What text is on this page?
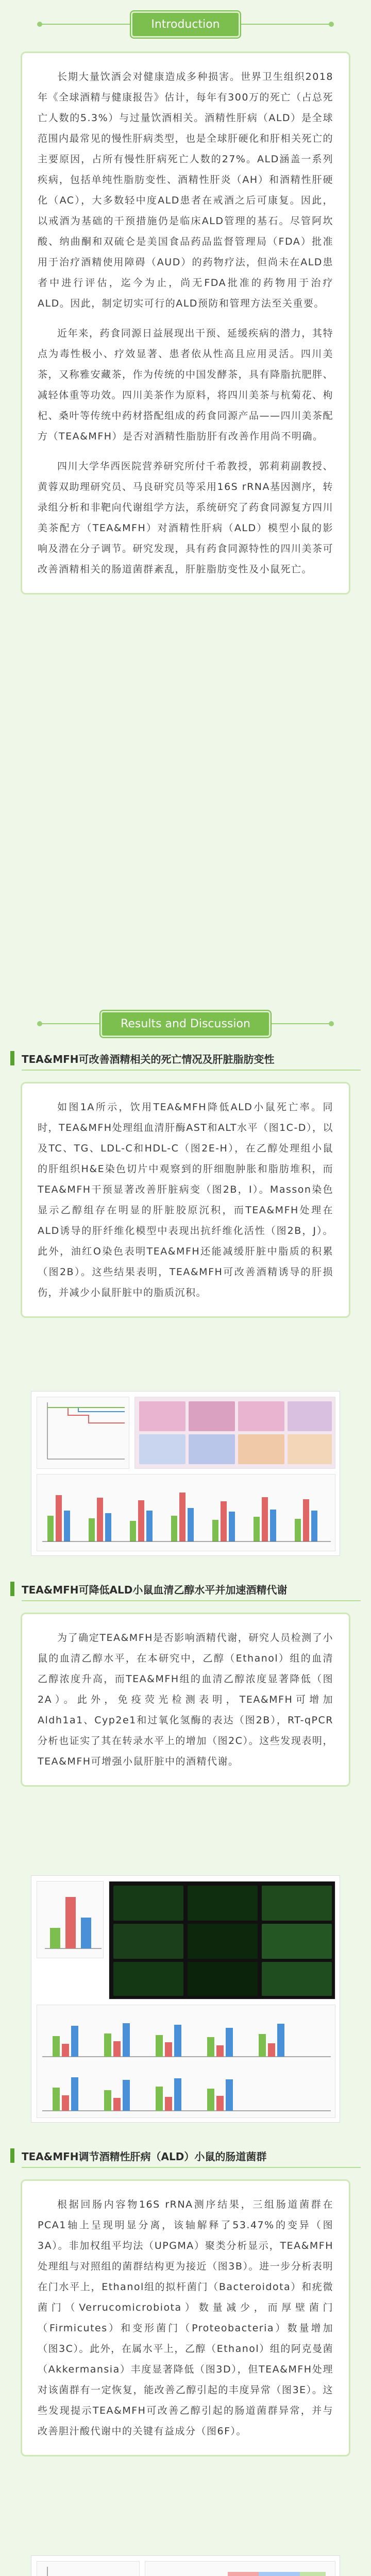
Introduction

长期大量饮酒会对健康造成多种损害。世界卫生组织2018年《全球酒精与健康报告》估计，每年有300万的死亡（占总死亡人数的5.3%）与过量饮酒相关。酒精性肝病（ALD）是全球范围内最常见的慢性肝病类型，也是全球肝硬化和肝相关死亡的主要原因，占所有慢性肝病死亡人数的27%。ALD涵盖一系列疾病，包括单纯性脂肪变性、酒精性肝炎（AH）和酒精性肝硬化（AC），大多数轻中度ALD患者在戒酒之后可康复。因此，以戒酒为基础的干预措施仍是临床ALD管理的基石。尽管阿坎酸、纳曲酮和双硫仑是美国食品药品监督管理局（FDA）批准用于治疗酒精使用障碍（AUD）的药物疗法，但尚未在ALD患者中进行评估，迄今为止，尚无FDA批准的药物用于治疗ALD。因此，制定切实可行的ALD预防和管理方法至关重要。

近年来，药食同源日益展现出干预、延缓疾病的潜力，其特点为毒性极小、疗效显著、患者依从性高且应用灵活。四川美茶，又称雅安藏茶，作为传统的中国发酵茶，具有降脂抗肥胖、减轻体重等功效。四川美茶作为原料，将四川美茶与杭菊花、枸杞、桑叶等传统中药材搭配组成的药食同源产品——四川美茶配方（TEA&MFH）是否对酒精性脂肪肝有改善作用尚不明确。

四川大学华西医院营养研究所付千希教授，郭莉莉副教授、黄蓉双助理研究员、马良研究员等采用16S rRNA基因测序，转录组分析和非靶向代谢组学方法，系统研究了药食同源复方四川美茶配方（TEA&MFH）对酒精性肝病（ALD）模型小鼠的影响及潜在分子调节。研究发现，具有药食同源特性的四川美茶可改善酒精相关的肠道菌群紊乱，肝脏脂肪变性及小鼠死亡。

Results and Discussion
TEA&MFH可改善酒精相关的死亡情况及肝脏脂肪变性

如图1A所示，饮用TEA&MFH降低ALD小鼠死亡率。同时，TEA&MFH处理组血清肝酶AST和ALT水平（图1C-D），以及TC、TG、LDL-C和HDL-C（图2E-H），在乙醇处理组小鼠的肝组织H&E染色切片中观察到的肝细胞肿胀和脂肪堆积，而TEA&MFH干预显著改善肝脏病变（图2B，I）。Masson染色显示乙醇组存在明显的肝脏胶原沉积，而TEA&MFH处理在ALD诱导的肝纤维化模型中表现出抗纤维化活性（图2B，J）。此外，油红O染色表明TEA&MFH还能减缓肝脏中脂质的积累（图2B）。这些结果表明，TEA&MFH可改善酒精诱导的肝损伤，并减少小鼠肝脏中的脂质沉积。

TEA&MFH可降低ALD小鼠血清乙醇水平并加速酒精代谢

为了确定TEA&MFH是否影响酒精代谢，研究人员检测了小鼠的血清乙醇水平，在本研究中，乙醇（Ethanol）组的血清乙醇浓度升高，而TEA&MFH组的血清乙醇浓度显著降低（图2A）。此外，免疫荧光检测表明，TEA&MFH可增加Aldh1a1、Cyp2e1和过氧化氢酶的表达（图2B），RT-qPCR分析也证实了其在转录水平上的增加（图2C）。这些发现表明，TEA&MFH可增强小鼠肝脏中的酒精代谢。

TEA&MFH调节酒精性肝病（ALD）小鼠的肠道菌群

根据回肠内容物16S rRNA测序结果，三组肠道菌群在PCA1轴上呈现明显分离，该轴解释了53.47%的变异（图3A）。非加权组平均法（UPGMA）聚类分析显示，TEA&MFH处理组与对照组的菌群结构更为接近（图3B）。进一步分析表明在门水平上，Ethanol组的拟杆菌门（Bacteroidota）和疣微菌门（Verrucomicrobiota）数量减少，而厚壁菌门（Firmicutes）和变形菌门（Proteobacteria）数量增加（图3C）。此外，在属水平上，乙醇（Ethanol）组的阿克曼菌（Akkermansia）丰度显著降低（图3D），但TEA&MFH处理对该菌群有一定恢复，能改善乙醇引起的丰度异常（图3E）。这些发现提示TEA&MFH可改善乙醇引起的肠道菌群异常，并与改善胆汁酸代谢中的关键有益成分（图6F）。
